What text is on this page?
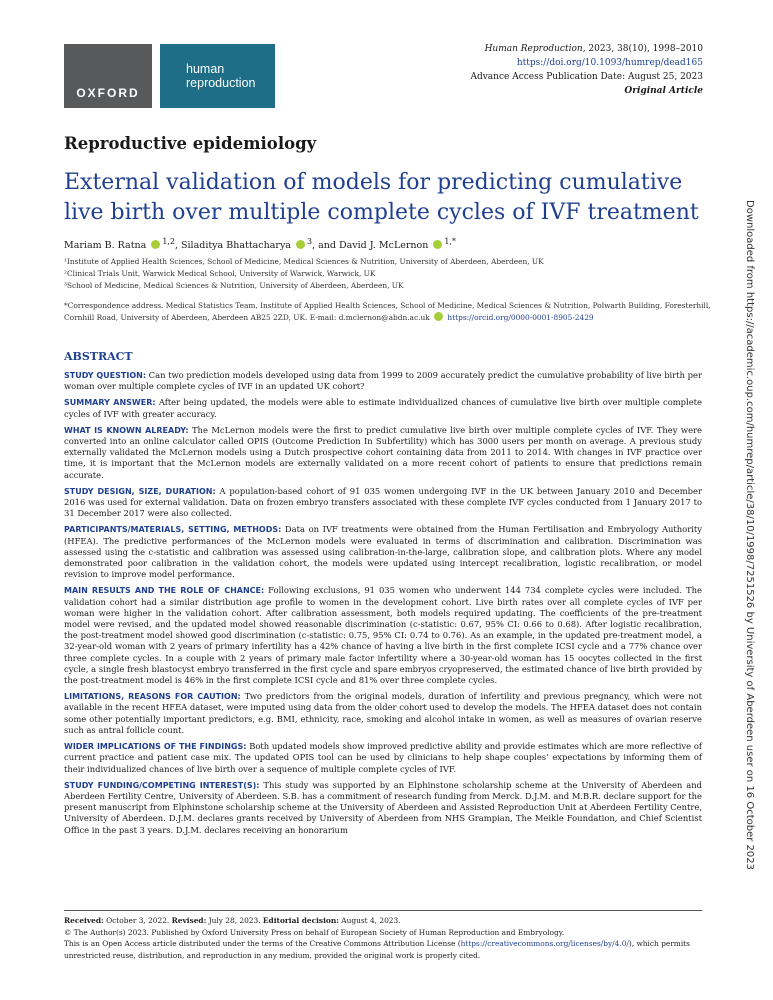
OXFORD
human
reproduction
Human Reproduction, 2023, 38(10), 1998–2010
https://doi.org/10.1093/humrep/dead165
Advance Access Publication Date: August 25, 2023
Original Article
Reproductive epidemiology
External validation of models for predicting cumulative live birth over multiple complete cycles of IVF treatment
Mariam B. Ratna $^{1,2}$, Siladitya Bhattacharya $^3$, and David J. McLernon $^{1,*}$
¹Institute of Applied Health Sciences, School of Medicine, Medical Sciences & Nutrition, University of Aberdeen, Aberdeen, UK
²Clinical Trials Unit, Warwick Medical School, University of Warwick, Warwick, UK
³School of Medicine, Medical Sciences & Nutrition, University of Aberdeen, Aberdeen, UK
*Correspondence address. Medical Statistics Team, Institute of Applied Health Sciences, School of Medicine, Medical Sciences & Nutrition, Polwarth Building, Foresterhill, Cornhill Road, University of Aberdeen, Aberdeen AB25 2ZD, UK. E-mail: d.mclernon@abdn.ac.uk https://orcid.org/0000-0001-8905-2429
ABSTRACT

STUDY QUESTION: Can two prediction models developed using data from 1999 to 2009 accurately predict the cumulative probability of live birth per woman over multiple complete cycles of IVF in an updated UK cohort?

SUMMARY ANSWER: After being updated, the models were able to estimate individualized chances of cumulative live birth over multiple complete cycles of IVF with greater accuracy.

WHAT IS KNOWN ALREADY: The McLernon models were the first to predict cumulative live birth over multiple complete cycles of IVF. They were converted into an online calculator called OPIS (Outcome Prediction In Subfertility) which has 3000 users per month on average. A previous study externally validated the McLernon models using a Dutch prospective cohort containing data from 2011 to 2014. With changes in IVF practice over time, it is important that the McLernon models are externally validated on a more recent cohort of patients to ensure that predictions remain accurate.

STUDY DESIGN, SIZE, DURATION: A population-based cohort of 91 035 women undergoing IVF in the UK between January 2010 and December 2016 was used for external validation. Data on frozen embryo transfers associated with these complete IVF cycles conducted from 1 January 2017 to 31 December 2017 were also collected.

PARTICIPANTS/MATERIALS, SETTING, METHODS: Data on IVF treatments were obtained from the Human Fertilisation and Embryology Authority (HFEA). The predictive performances of the McLernon models were evaluated in terms of discrimination and calibration. Discrimination was assessed using the c-statistic and calibration was assessed using calibration-in-the-large, calibration slope, and calibration plots. Where any model demonstrated poor calibration in the validation cohort, the models were updated using intercept recalibration, logistic recalibration, or model revision to improve model performance.

MAIN RESULTS AND THE ROLE OF CHANCE: Following exclusions, 91 035 women who underwent 144 734 complete cycles were included. The validation cohort had a similar distribution age profile to women in the development cohort. Live birth rates over all complete cycles of IVF per woman were higher in the validation cohort. After calibration assessment, both models required updating. The coefficients of the pre-treatment model were revised, and the updated model showed reasonable discrimination (c-statistic: 0.67, 95% CI: 0.66 to 0.68). After logistic recalibration, the post-treatment model showed good discrimination (c-statistic: 0.75, 95% CI: 0.74 to 0.76). As an example, in the updated pre-treatment model, a 32-year-old woman with 2 years of primary infertility has a 42% chance of having a live birth in the first complete ICSI cycle and a 77% chance over three complete cycles. In a couple with 2 years of primary male factor infertility where a 30-year-old woman has 15 oocytes collected in the first cycle, a single fresh blastocyst embryo transferred in the first cycle and spare embryos cryopreserved, the estimated chance of live birth provided by the post-treatment model is 46% in the first complete ICSI cycle and 81% over three complete cycles.

LIMITATIONS, REASONS FOR CAUTION: Two predictors from the original models, duration of infertility and previous pregnancy, which were not available in the recent HFEA dataset, were imputed using data from the older cohort used to develop the models. The HFEA dataset does not contain some other potentially important predictors, e.g. BMI, ethnicity, race, smoking and alcohol intake in women, as well as measures of ovarian reserve such as antral follicle count.

WIDER IMPLICATIONS OF THE FINDINGS: Both updated models show improved predictive ability and provide estimates which are more reflective of current practice and patient case mix. The updated OPIS tool can be used by clinicians to help shape couples’ expectations by informing them of their individualized chances of live birth over a sequence of multiple complete cycles of IVF.

STUDY FUNDING/COMPETING INTEREST(S): This study was supported by an Elphinstone scholarship scheme at the University of Aberdeen and Aberdeen Fertility Centre, University of Aberdeen. S.B. has a commitment of research funding from Merck. D.J.M. and M.B.R. declare support for the present manuscript from Elphinstone scholarship scheme at the University of Aberdeen and Assisted Reproduction Unit at Aberdeen Fertility Centre, University of Aberdeen. D.J.M. declares grants received by University of Aberdeen from NHS Grampian, The Meikle Foundation, and Chief Scientist Office in the past 3 years. D.J.M. declares receiving an honorarium

Received: October 3, 2022. Revised: July 28, 2023. Editorial decision: August 4, 2023.
© The Author(s) 2023. Published by Oxford University Press on behalf of European Society of Human Reproduction and Embryology.
This is an Open Access article distributed under the terms of the Creative Commons Attribution License (https://creativecommons.org/licenses/by/4.0/), which permits unrestricted reuse, distribution, and reproduction in any medium, provided the original work is properly cited.
Downloaded from https://academic.oup.com/humrep/article/38/10/1998/7251526 by University of Aberdeen user on 16 October 2023
